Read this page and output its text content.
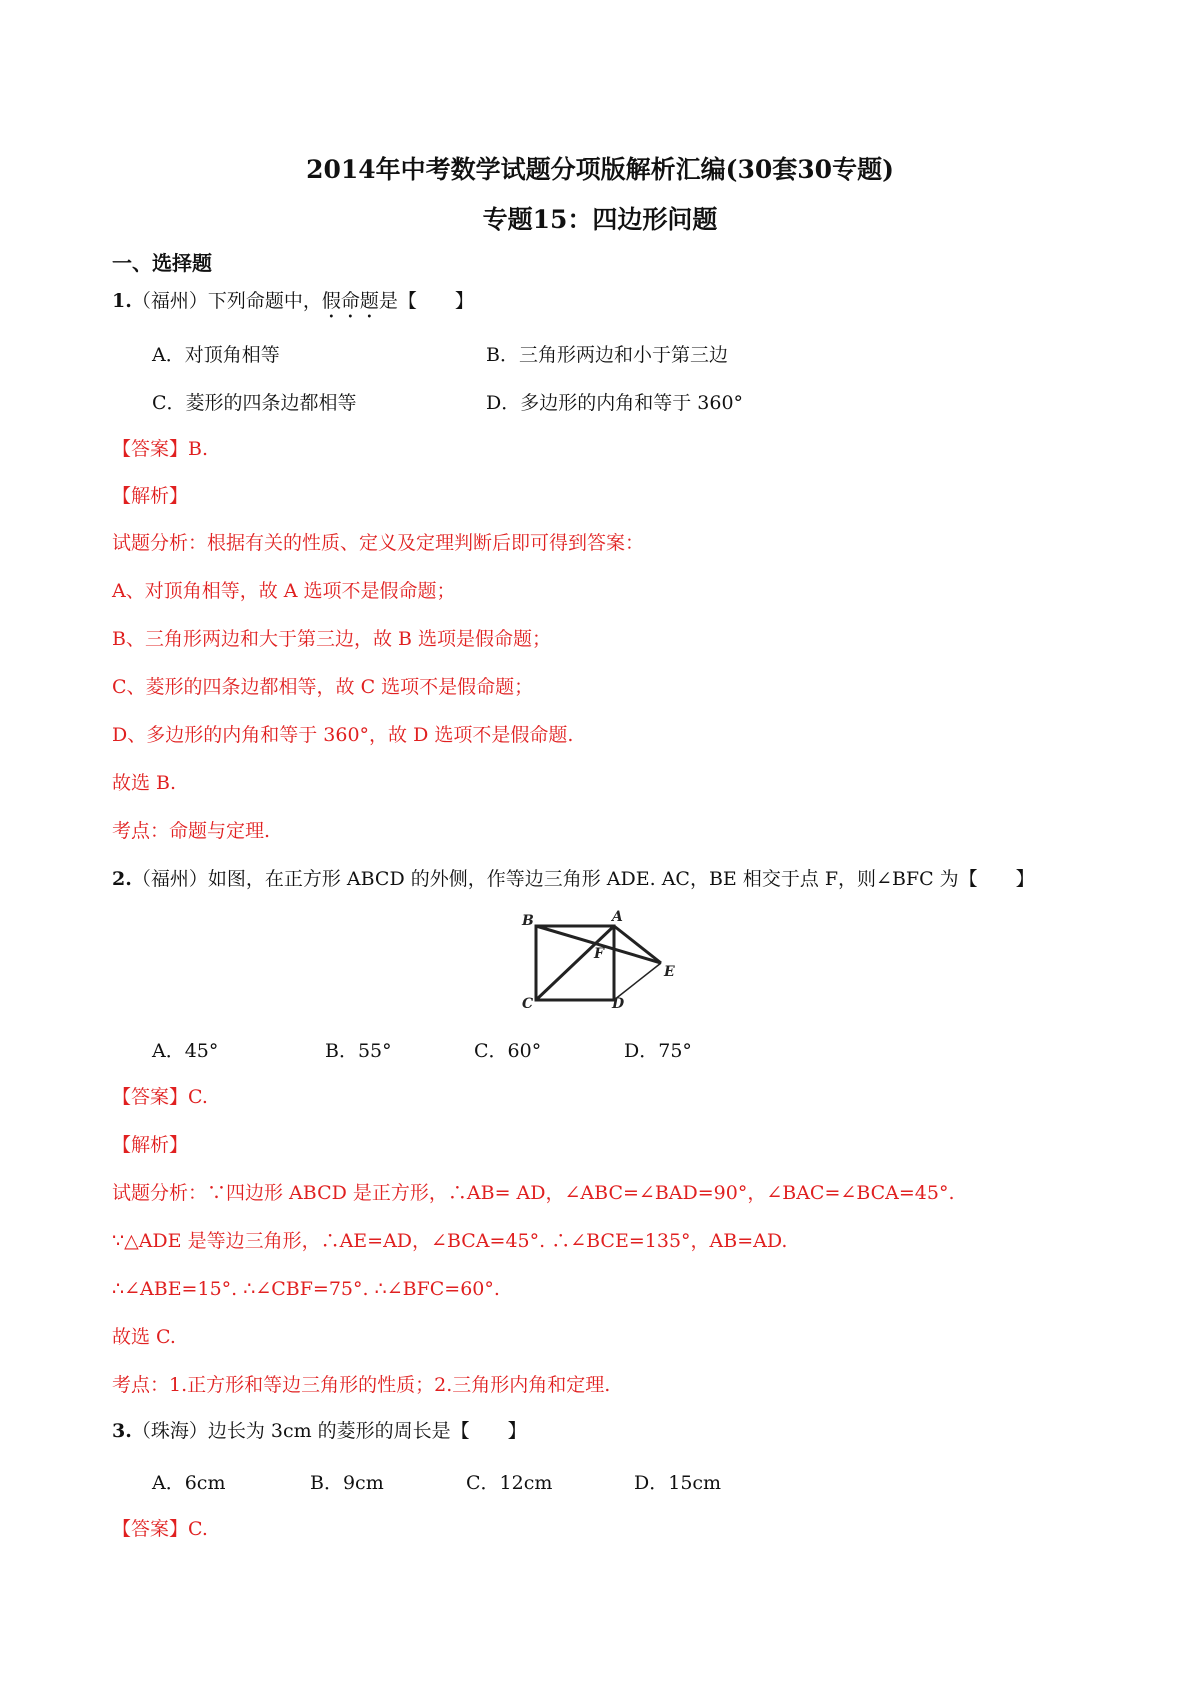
2014年中考数学试题分项版解析汇编(30套30专题)
专题15：四边形问题
一、选择题
1.（福州）下列命题中，假命题是【　　】
A．对顶角相等	B．三角形两边和小于第三边
C．菱形的四条边都相等	D．多边形的内角和等于 360°
【答案】B.
【解析】
试题分析：根据有关的性质、定义及定理判断后即可得到答案：
A、对顶角相等，故 A 选项不是假命题；
B、三角形两边和大于第三边，故 B 选项是假命题；
C、菱形的四条边都相等，故 C 选项不是假命题；
D、多边形的内角和等于 360°，故 D 选项不是假命题.
故选 B.
考点：命题与定理.
2.（福州）如图，在正方形 ABCD 的外侧，作等边三角形 ADE. AC，BE 相交于点 F，则∠BFC 为【　　】
B	A
F
E
C	D
A．45°	B．55°	C．60°	D．75°
【答案】C.
【解析】
试题分析：∵四边形 ABCD 是正方形，∴AB= AD，∠ABC=∠BAD=90°，∠BAC=∠BCA=45°.
∵△ADE 是等边三角形，∴AE=AD，∠BCA=45°. ∴∠BCE=135°，AB=AD.
∴∠ABE=15°. ∴∠CBF=75°. ∴∠BFC=60°.
故选 C.
考点：1.正方形和等边三角形的性质；2.三角形内角和定理.
3.（珠海）边长为 3cm 的菱形的周长是【　　】
A．6cm	B．9cm	C．12cm	D．15cm
【答案】C.
